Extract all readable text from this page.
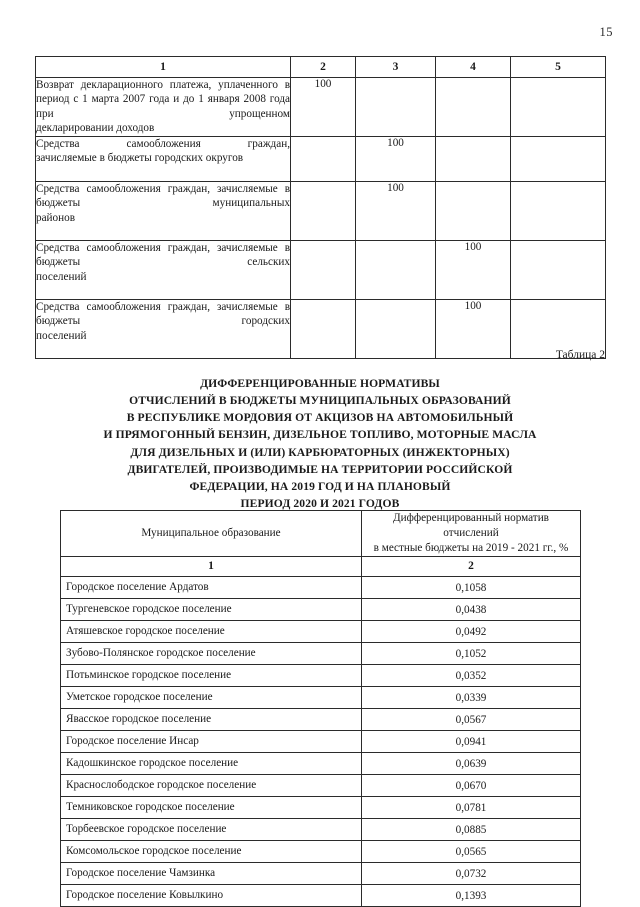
15
1	2	3	4	5
Возврат декларационного платежа, уплаченного в период с 1 марта 2007 года и до 1 января 2008 года при упрощенном
декларировании доходов	100			
Средства самообложения граждан,
зачисляемые в бюджеты городских округов		100		
Средства самообложения граждан, зачисляемые в бюджеты муниципальных
районов		100		
Средства самообложения граждан, зачисляемые в бюджеты сельских
поселений			100	
Средства самообложения граждан, зачисляемые в бюджеты городских
поселений			100	
Таблица 2
ДИФФЕРЕНЦИРОВАННЫЕ НОРМАТИВЫ
ОТЧИСЛЕНИЙ В БЮДЖЕТЫ МУНИЦИПАЛЬНЫХ ОБРАЗОВАНИЙ
В РЕСПУБЛИКЕ МОРДОВИЯ ОТ АКЦИЗОВ НА АВТОМОБИЛЬНЫЙ
И ПРЯМОГОННЫЙ БЕНЗИН, ДИЗЕЛЬНОЕ ТОПЛИВО, МОТОРНЫЕ МАСЛА
ДЛЯ ДИЗЕЛЬНЫХ И (ИЛИ) КАРБЮРАТОРНЫХ (ИНЖЕКТОРНЫХ)
ДВИГАТЕЛЕЙ, ПРОИЗВОДИМЫЕ НА ТЕРРИТОРИИ РОССИЙСКОЙ
ФЕДЕРАЦИИ, НА 2019 ГОД И НА ПЛАНОВЫЙ
ПЕРИОД 2020 И 2021 ГОДОВ
Муниципальное образование	Дифференцированный норматив отчислений
в местные бюджеты на 2019 - 2021 гг., %
1	2
Городское поселение Ардатов	0,1058
Тургеневское городское поселение	0,0438
Атяшевское городское поселение	0,0492
Зубово-Полянское городское поселение	0,1052
Потьминское городское поселение	0,0352
Уметское городское поселение	0,0339
Явасское городское поселение	0,0567
Городское поселение Инсар	0,0941
Кадошкинское городское поселение	0,0639
Краснослободское городское поселение	0,0670
Темниковское городское поселение	0,0781
Торбеевское городское поселение	0,0885
Комсомольское городское поселение	0,0565
Городское поселение Чамзинка	0,0732
Городское поселение Ковылкино	0,1393
